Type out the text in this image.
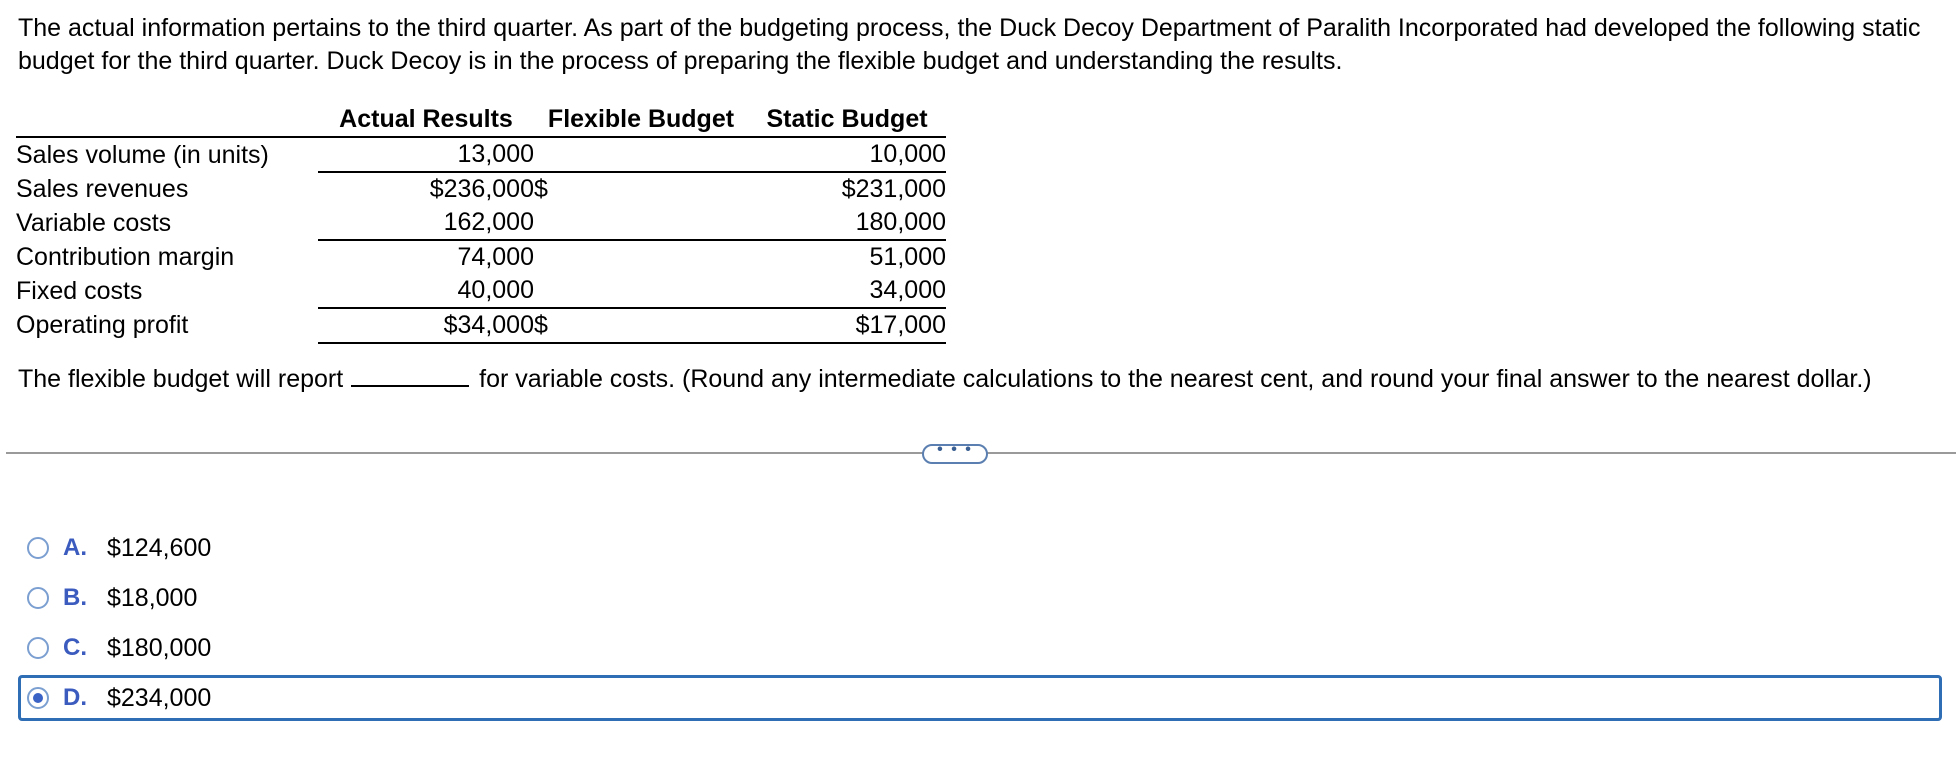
The actual information pertains to the third quarter. As part of the budgeting process, the Duck Decoy Department of Paralith Incorporated had developed the following static budget for the third quarter. Duck Decoy is in the process of preparing the flexible budget and understanding the results.

	Actual Results	Flexible Budget	Static Budget
Sales volume (in units)	13,000		10,000
Sales revenues	$236,000	$	$231,000
Variable costs	162,000		180,000
Contribution margin	74,000		51,000
Fixed costs	40,000		34,000
Operating profit	$34,000	$	$17,000
The flexible budget will report	for variable costs. (Round any intermediate calculations to the nearest cent, and round your final answer to the nearest dollar.)
• • •
A. $124,600
B. $18,000
C. $180,000
D. $234,000
